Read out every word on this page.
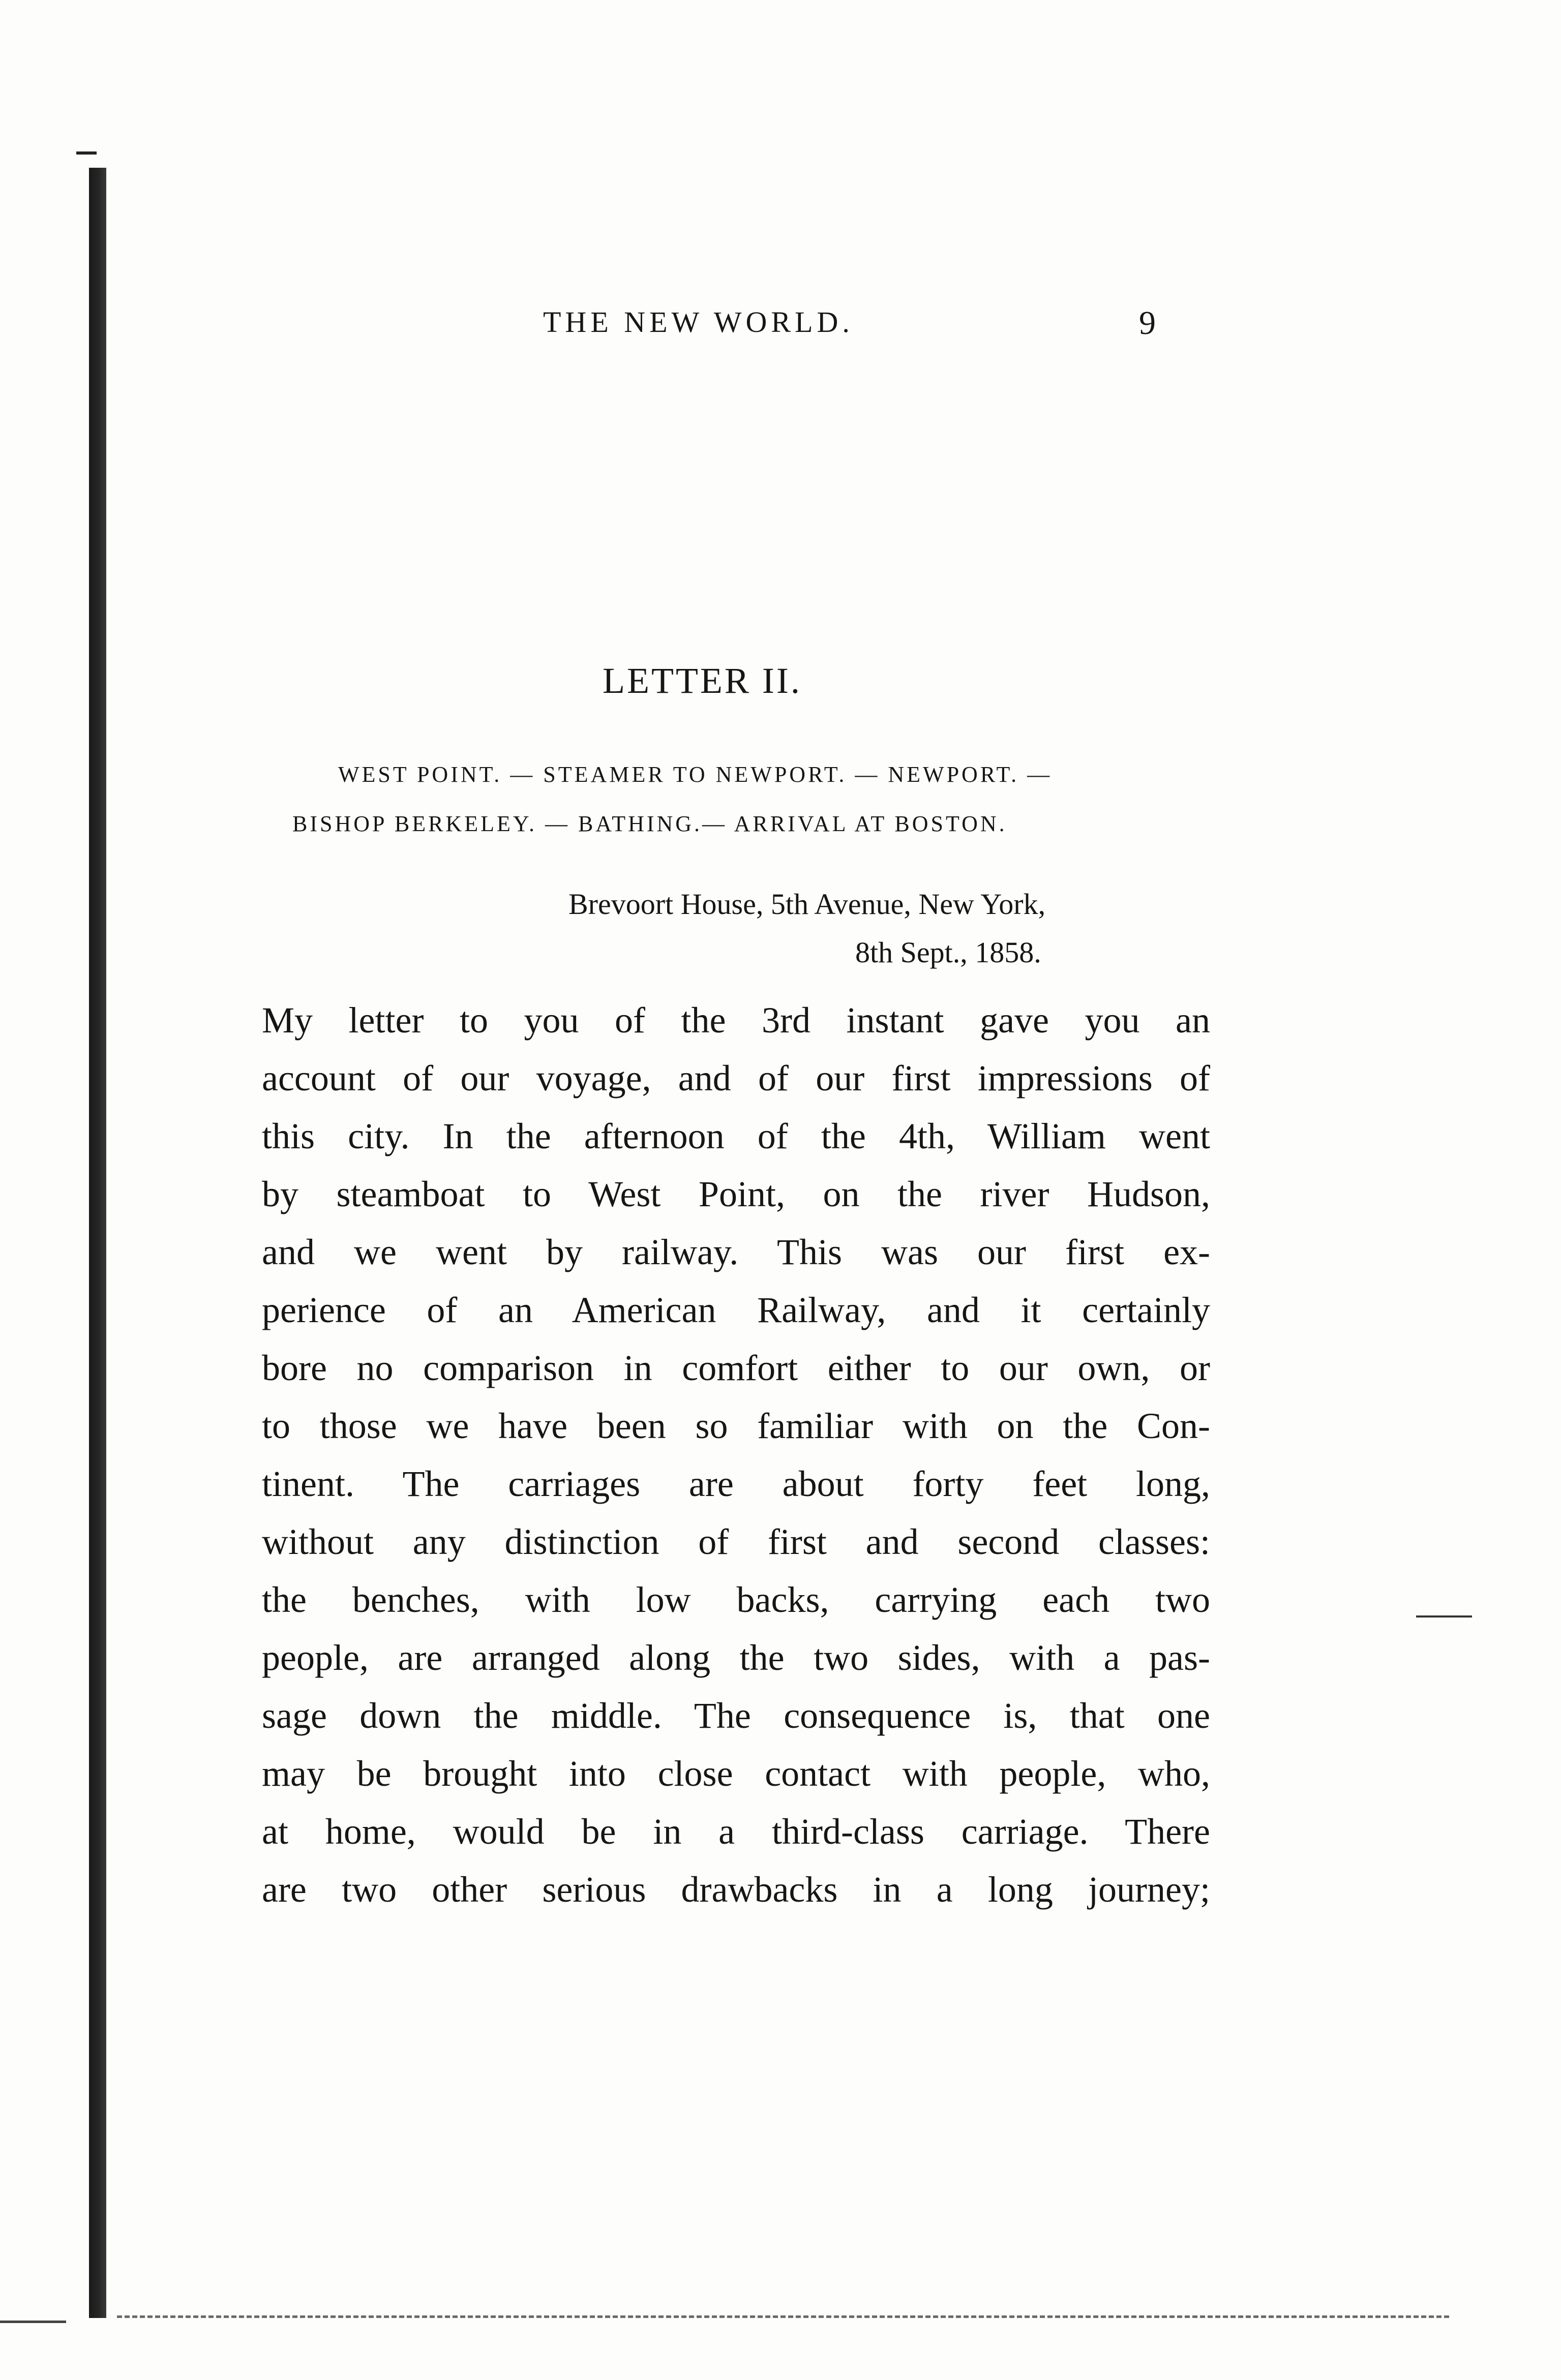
THE NEW WORLD.	9
LETTER II.
WEST POINT. — STEAMER TO NEWPORT. — NEWPORT. —
BISHOP BERKELEY. — BATHING.— ARRIVAL AT BOSTON.
Brevoort House, 5th Avenue, New York,
8th Sept., 1858.
My letter to you of the 3rd instant gave you an
account of our voyage, and of our first impressions of
this city. In the afternoon of the 4th, William went
by steamboat to West Point, on the river Hudson,
and we went by railway. This was our first ex-
perience of an American Railway, and it certainly
bore no comparison in comfort either to our own, or
to those we have been so familiar with on the Con-
tinent. The carriages are about forty feet long,
without any distinction of first and second classes:
the benches, with low backs, carrying each two
people, are arranged along the two sides, with a pas-
sage down the middle. The consequence is, that one
may be brought into close contact with people, who,
at home, would be in a third-class carriage. There
are two other serious drawbacks in a long journey;
